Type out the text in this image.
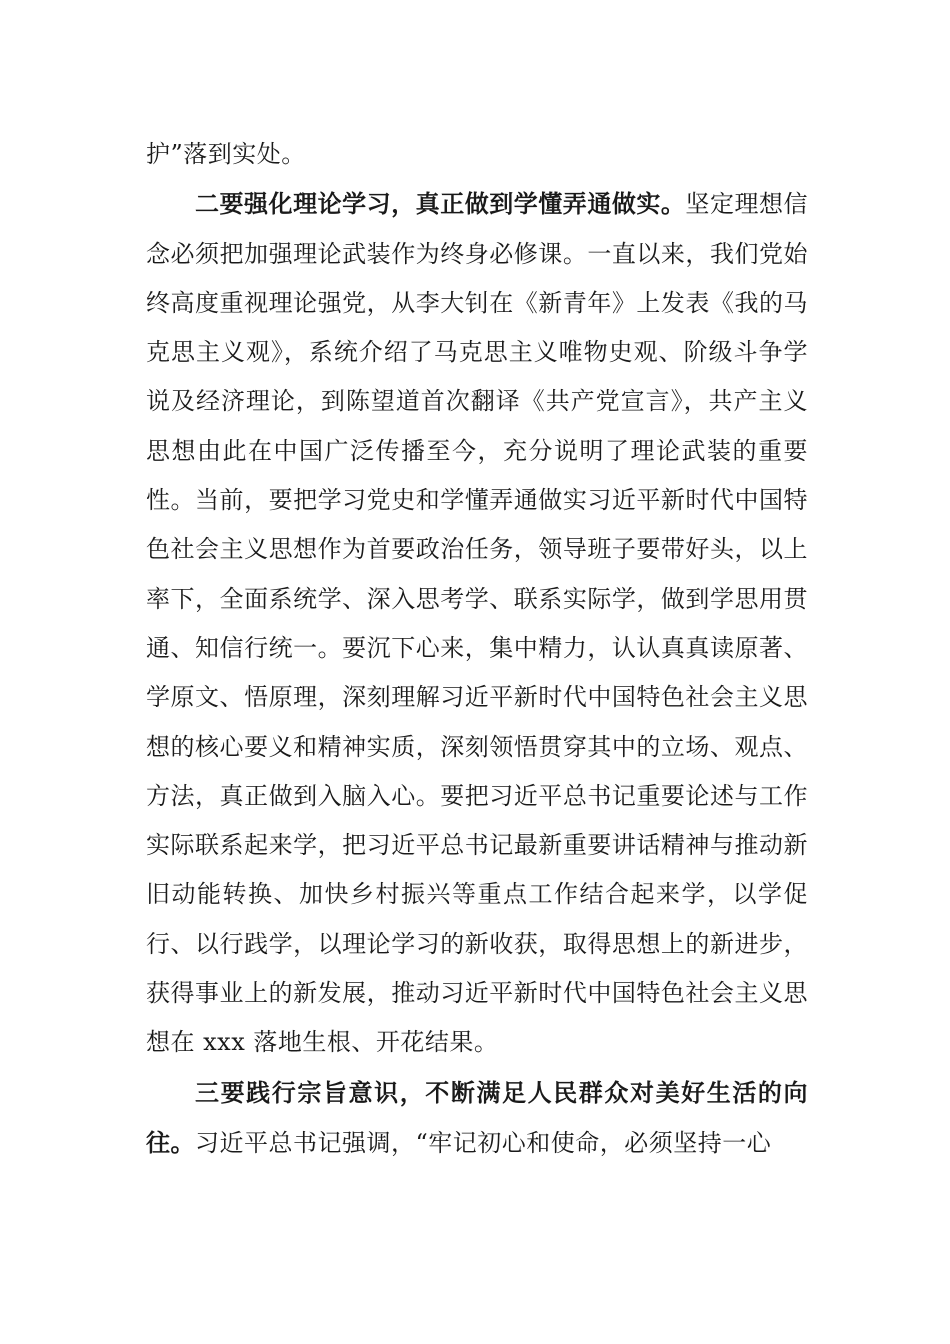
护”落到实处。

二要强化理论学习，真正做到学懂弄通做实。坚定理想信念必须把加强理论武装作为终身必修课。一直以来，我们党始终高度重视理论强党，从李大钊在《新青年》上发表《我的马克思主义观》，系统介绍了马克思主义唯物史观、阶级斗争学说及经济理论，到陈望道首次翻译《共产党宣言》，共产主义思想由此在中国广泛传播至今，充分说明了理论武装的重要性。当前，要把学习党史和学懂弄通做实习近平新时代中国特色社会主义思想作为首要政治任务，领导班子要带好头，以上率下，全面系统学、深入思考学、联系实际学，做到学思用贯通、知信行统一。要沉下心来，集中精力，认认真真读原著、学原文、悟原理，深刻理解习近平新时代中国特色社会主义思想的核心要义和精神实质，深刻领悟贯穿其中的立场、观点、方法，真正做到入脑入心。要把习近平总书记重要论述与工作实际联系起来学，把习近平总书记最新重要讲话精神与推动新旧动能转换、加快乡村振兴等重点工作结合起来学，以学促行、以行践学，以理论学习的新收获，取得思想上的新进步，获得事业上的新发展，推动习近平新时代中国特色社会主义思想在 xxx 落地生根、开花结果。

三要践行宗旨意识，不断满足人民群众对美好生活的向往。习近平总书记强调，“牢记初心和使命，必须坚持一心
